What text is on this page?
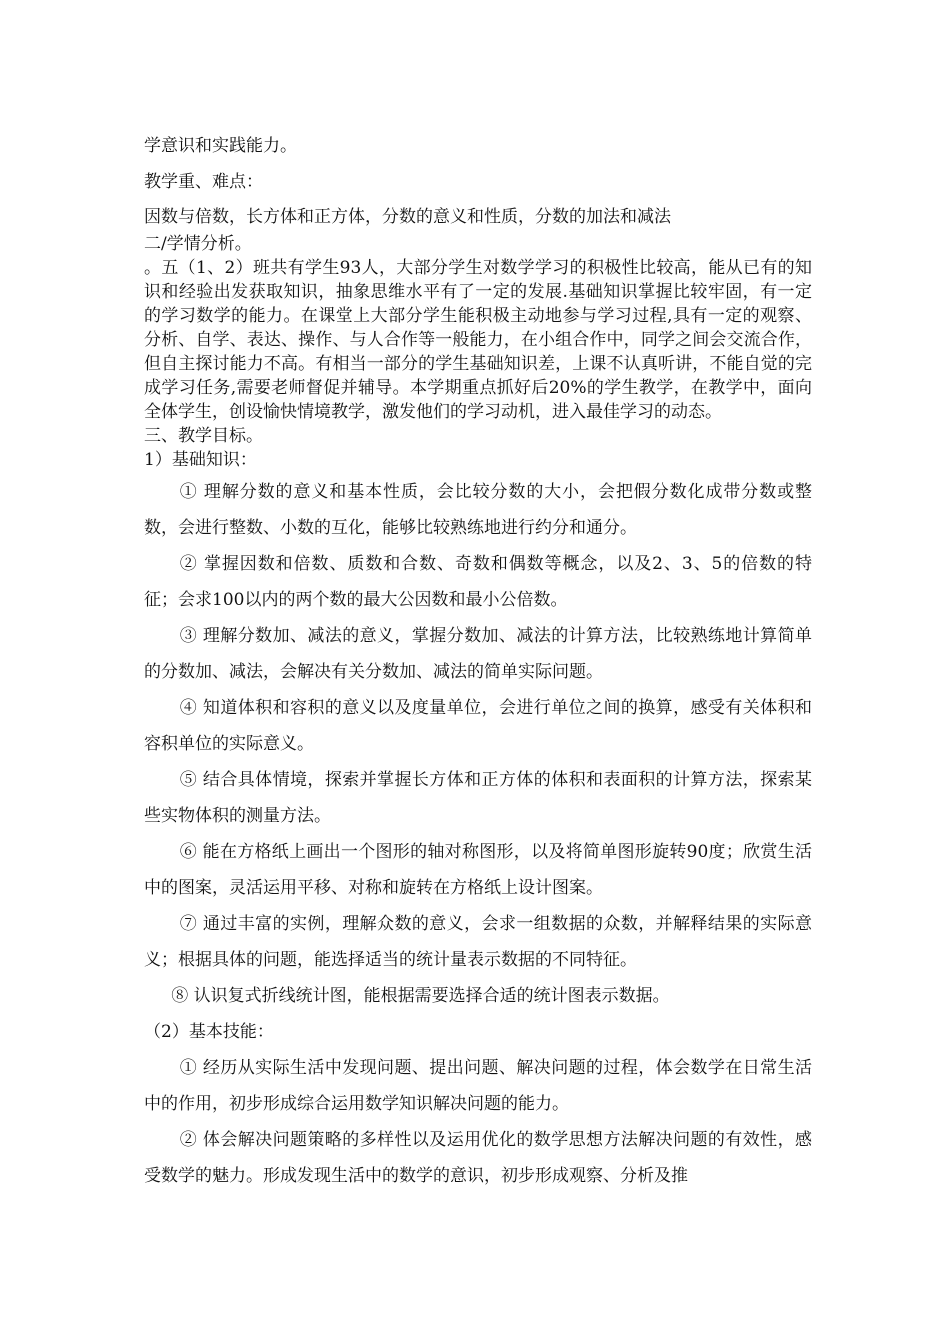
学意识和实践能力。

教学重、难点：

因数与倍数，长方体和正方体，分数的意义和性质，分数的加法和减法

二/学情分析。

。五（1、2）班共有学生93人，大部分学生对数学学习的积极性比较高，能从已有的知识和经验出发获取知识，抽象思维水平有了一定的发展.基础知识掌握比较牢固，有一定的学习数学的能力。在课堂上大部分学生能积极主动地参与学习过程,具有一定的观察、分析、自学、表达、操作、与人合作等一般能力，在小组合作中，同学之间会交流合作，但自主探讨能力不高。有相当一部分的学生基础知识差，上课不认真听讲，不能自觉的完成学习任务,需要老师督促并辅导。本学期重点抓好后20%的学生教学，在教学中，面向全体学生，创设愉快情境教学，激发他们的学习动机，进入最佳学习的动态。

三、教学目标。

1）基础知识：

① 理解分数的意义和基本性质，会比较分数的大小，会把假分数化成带分数或整数，会进行整数、小数的互化，能够比较熟练地进行约分和通分。

② 掌握因数和倍数、质数和合数、奇数和偶数等概念，以及2、3、5的倍数的特征；会求100以内的两个数的最大公因数和最小公倍数。

③ 理解分数加、减法的意义，掌握分数加、减法的计算方法，比较熟练地计算简单的分数加、减法，会解决有关分数加、减法的简单实际问题。

④ 知道体积和容积的意义以及度量单位，会进行单位之间的换算，感受有关体积和容积单位的实际意义。

⑤ 结合具体情境，探索并掌握长方体和正方体的体积和表面积的计算方法，探索某些实物体积的测量方法。

⑥ 能在方格纸上画出一个图形的轴对称图形，以及将简单图形旋转90度；欣赏生活中的图案，灵活运用平移、对称和旋转在方格纸上设计图案。

⑦ 通过丰富的实例，理解众数的意义，会求一组数据的众数，并解释结果的实际意义；根据具体的问题，能选择适当的统计量表示数据的不同特征。

⑧ 认识复式折线统计图，能根据需要选择合适的统计图表示数据。

（2）基本技能：

① 经历从实际生活中发现问题、提出问题、解决问题的过程，体会数学在日常生活中的作用，初步形成综合运用数学知识解决问题的能力。

② 体会解决问题策略的多样性以及运用优化的数学思想方法解决问题的有效性，感受数学的魅力。形成发现生活中的数学的意识，初步形成观察、分析及推
